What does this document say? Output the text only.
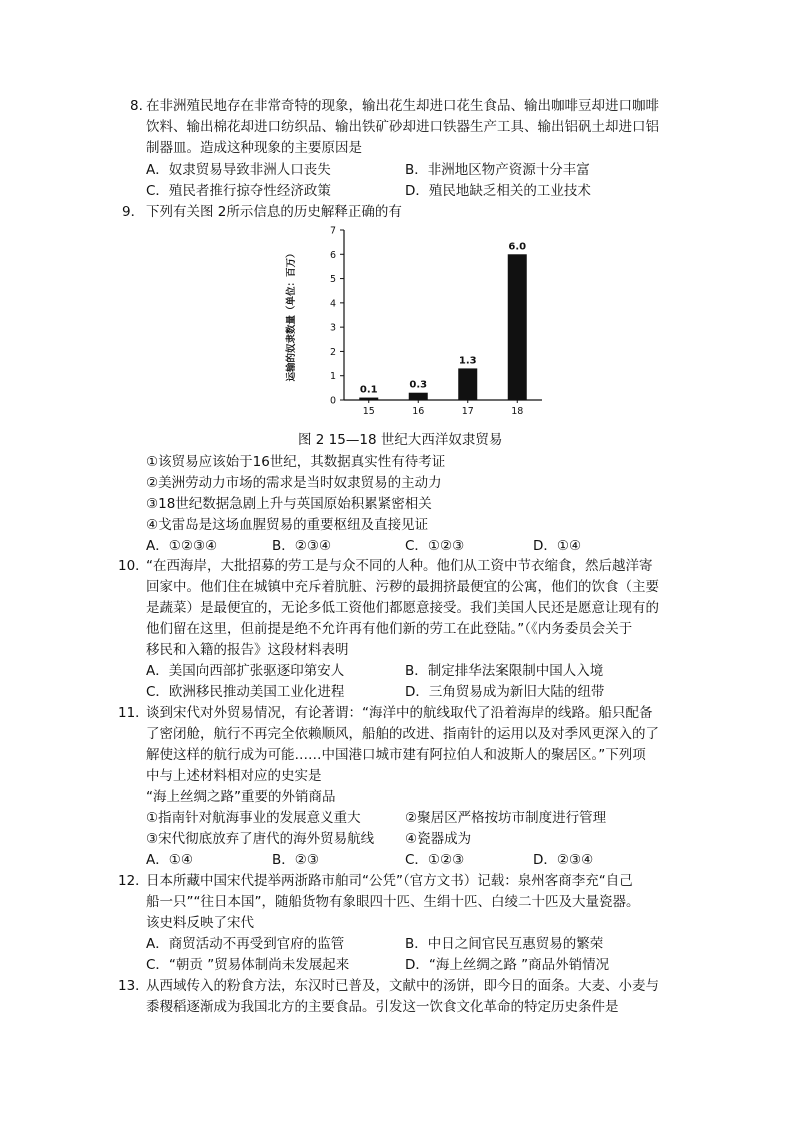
8. 在非洲殖民地存在非常奇特的现象，输出花生却进口花生食品、输出咖啡豆却进口咖啡
饮料、输出棉花却进口纺织品、输出铁矿砂却进口铁器生产工具、输出铝矾土却进口铝
制器皿。造成这种现象的主要原因是
A．奴隶贸易导致非洲人口丧失	B．非洲地区物产资源十分丰富
C．殖民者推行掠夺性经济政策	D．殖民地缺乏相关的工业技术
9． 下列有关图 2所示信息的历史解释正确的有
0
1
2
3
4
5
6
7
0.1
15
0.3
16
1.3
17
6.0
18
运输的奴隶数量（单位：百万）
图 2 15—18 世纪大西洋奴隶贸易
①该贸易应该始于16世纪，其数据真实性有待考证
②美洲劳动力市场的需求是当时奴隶贸易的主动力
③18世纪数据急剧上升与英国原始积累紧密相关
④戈雷岛是这场血腥贸易的重要枢纽及直接见证
A．①②③④	B．②③④	C．①②③	D．①④
10．
“在西海岸，大批招募的劳工是与众不同的人种。他们从工资中节衣缩食，然后越洋寄
回家中。他们住在城镇中充斥着肮脏、污秽的最拥挤最便宜的公寓，他们的饮食（主要
是蔬菜）是最便宜的，无论多低工资他们都愿意接受。我们美国人民还是愿意让现有的
他们留在这里，但前提是绝不允许再有他们新的劳工在此登陆。”（《内务委员会关于
移民和入籍的报告》这段材料表明
A．美国向西部扩张驱逐印第安人	B．制定排华法案限制中国人入境
C．欧洲移民推动美国工业化进程	D．三角贸易成为新旧大陆的纽带
11．
谈到宋代对外贸易情况，有论著谓：“海洋中的航线取代了沿着海岸的线路。船只配备
了密闭舱，航行不再完全依赖顺风，船舶的改进、指南针的运用以及对季风更深入的了
解使这样的航行成为可能……中国港口城市建有阿拉伯人和波斯人的聚居区。”下列项
中与上述材料相对应的史实是
“海上丝绸之路”重要的外销商品
①指南针对航海事业的发展意义重大	②聚居区严格按坊市制度进行管理
③宋代彻底放弃了唐代的海外贸易航线 ④瓷器成为
A．①④	B．②③	C．①②③	D．②③④
12．
日本所藏中国宋代提举两浙路市舶司“公凭”（官方文书）记载：泉州客商李充“自己
船一只”“往日本国”，随船货物有象眼四十匹、生绢十匹、白绫二十匹及大量瓷器。
该史料反映了宋代
A．商贸活动不再受到官府的监管	B．中日之间官民互惠贸易的繁荣
C．“朝贡 ”贸易体制尚未发展起来	D．“海上丝绸之路 ”商品外销情况
13．
从西域传入的粉食方法，东汉时已普及，文献中的汤饼，即今日的面条。大麦、小麦与
黍稷稻逐渐成为我国北方的主要食品。引发这一饮食文化革命的特定历史条件是
